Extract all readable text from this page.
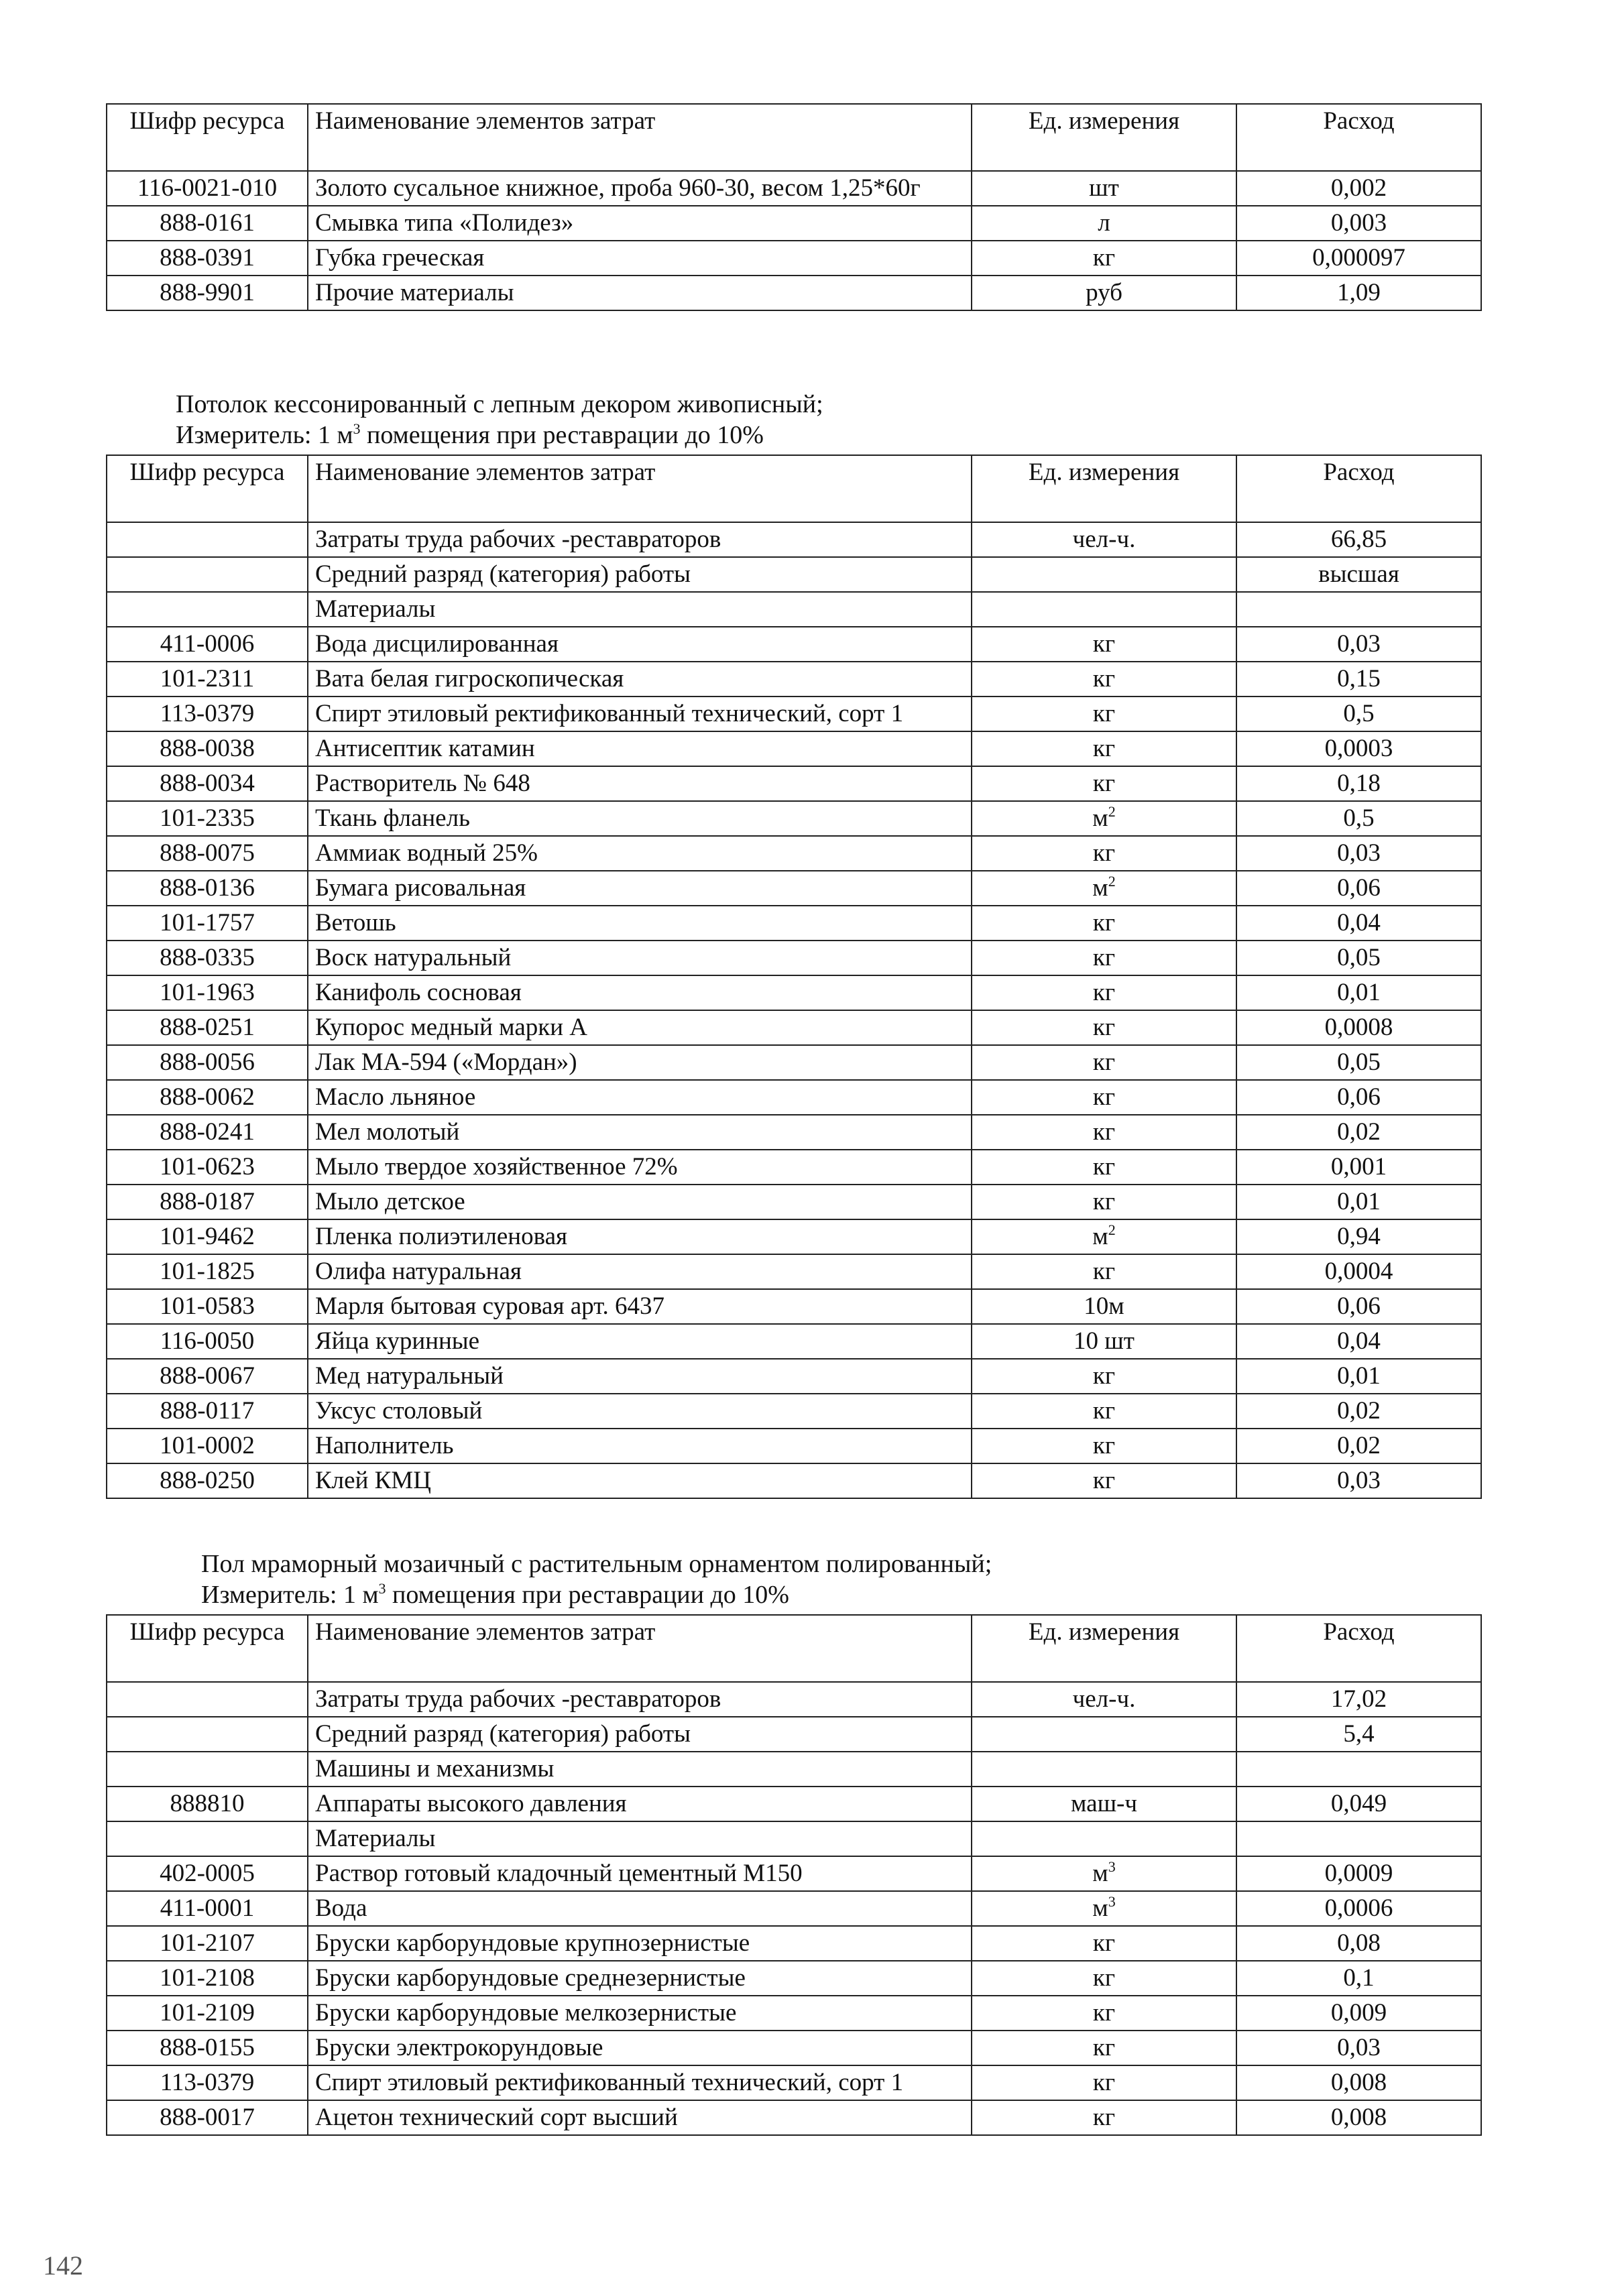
Шифр ресурса	Наименование элементов затрат	Ед. измерения	Расход
116-0021-010	Золото сусальное книжное, проба 960-30, весом 1,25*60г	шт	0,002
888-0161	Смывка типа «Полидез»	л	0,003
888-0391	Губка греческая	кг	0,000097
888-9901	Прочие материалы	руб	1,09
Потолок кессонированный с лепным декором живописный;
Измеритель: 1 $м^3$ помещения при реставрации до 10%
Шифр ресурса	Наименование элементов затрат	Ед. измерения	Расход
	Затраты труда рабочих -реставраторов	чел-ч.	66,85
	Средний разряд (категория) работы		высшая
	Материалы		
411-0006	Вода дисцилированная	кг	0,03
101-2311	Вата белая гигроскопическая	кг	0,15
113-0379	Спирт этиловый ректификованный технический, сорт 1	кг	0,5
888-0038	Антисептик катамин	кг	0,0003
888-0034	Растворитель № 648	кг	0,18
101-2335	Ткань фланель	$м^2$	0,5
888-0075	Аммиак водный 25%	кг	0,03
888-0136	Бумага рисовальная	$м^2$	0,06
101-1757	Ветошь	кг	0,04
888-0335	Воск натуральный	кг	0,05
101-1963	Канифоль сосновая	кг	0,01
888-0251	Купорос медный марки А	кг	0,0008
888-0056	Лак МА-594 («Мордан»)	кг	0,05
888-0062	Масло льняное	кг	0,06
888-0241	Мел молотый	кг	0,02
101-0623	Мыло твердое хозяйственное 72%	кг	0,001
888-0187	Мыло детское	кг	0,01
101-9462	Пленка полиэтиленовая	$м^2$	0,94
101-1825	Олифа натуральная	кг	0,0004
101-0583	Марля бытовая суровая арт. 6437	10м	0,06
116-0050	Яйца куринные	10 шт	0,04
888-0067	Мед натуральный	кг	0,01
888-0117	Уксус столовый	кг	0,02
101-0002	Наполнитель	кг	0,02
888-0250	Клей КМЦ	кг	0,03
Пол мраморный мозаичный с растительным орнаментом полированный;
Измеритель: 1 $м^3$ помещения при реставрации до 10%
Шифр ресурса	Наименование элементов затрат	Ед. измерения	Расход
	Затраты труда рабочих -реставраторов	чел-ч.	17,02
	Средний разряд (категория) работы		5,4
	Машины и механизмы		
888810	Аппараты высокого давления	маш-ч	0,049
	Материалы		
402-0005	Раствор готовый кладочный цементный М150	$м^3$	0,0009
411-0001	Вода	$м^3$	0,0006
101-2107	Бруски карборундовые крупнозернистые	кг	0,08
101-2108	Бруски карборундовые среднезернистые	кг	0,1
101-2109	Бруски карборундовые мелкозернистые	кг	0,009
888-0155	Бруски электрокорундовые	кг	0,03
113-0379	Спирт этиловый ректификованный технический, сорт 1	кг	0,008
888-0017	Ацетон технический сорт высший	кг	0,008
142
